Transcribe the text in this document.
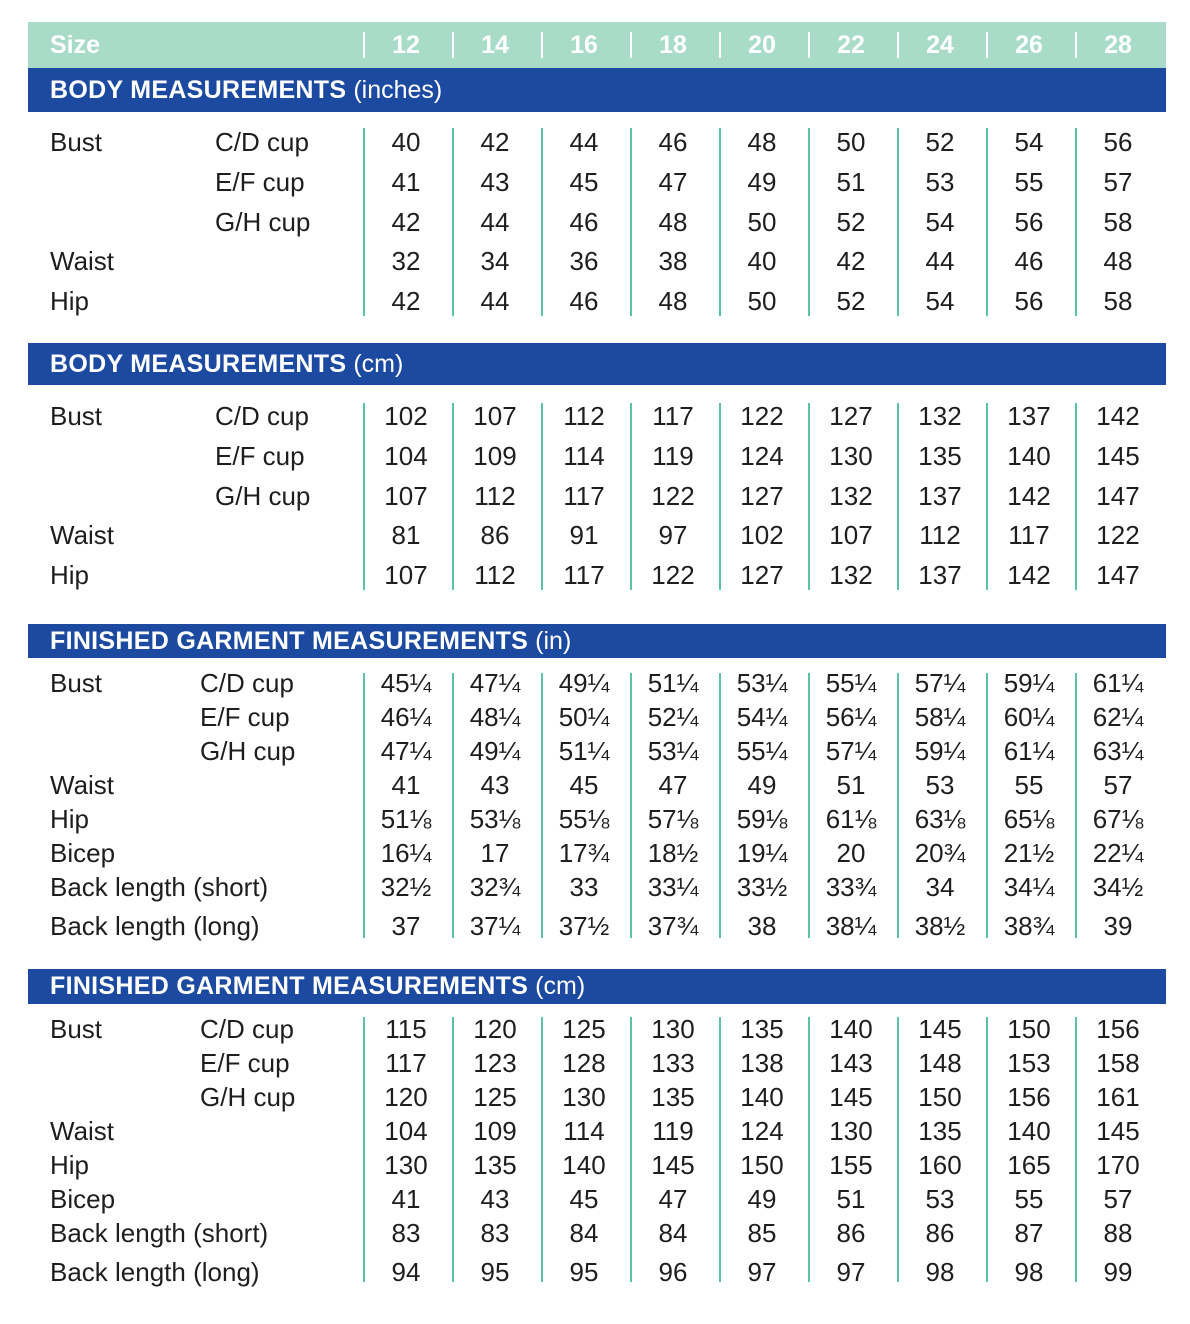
Size	12	14	16	18	20	22	24	26	28
BODY MEASUREMENTS (inches)
Bust	C/D cup	40	42	44	46	48	50	52	54	56
E/F cup	41	43	45	47	49	51	53	55	57
G/H cup	42	44	46	48	50	52	54	56	58
Waist	32	34	36	38	40	42	44	46	48
Hip	42	44	46	48	50	52	54	56	58
BODY MEASUREMENTS (cm)
Bust	C/D cup	102	107	112	117	122	127	132	137	142
E/F cup	104	109	114	119	124	130	135	140	145
G/H cup	107	112	117	122	127	132	137	142	147
Waist	81	86	91	97	102	107	112	117	122
Hip	107	112	117	122	127	132	137	142	147
FINISHED GARMENT MEASUREMENTS (in)
Bust	C/D cup	45¼	47¼	49¼	51¼	53¼	55¼	57¼	59¼	61¼
E/F cup	46¼	48¼	50¼	52¼	54¼	56¼	58¼	60¼	62¼
G/H cup	47¼	49¼	51¼	53¼	55¼	57¼	59¼	61¼	63¼
Waist	41	43	45	47	49	51	53	55	57
Hip	51⅛	53⅛	55⅛	57⅛	59⅛	61⅛	63⅛	65⅛	67⅛
Bicep	16¼	17	17¾	18½	19¼	20	20¾	21½	22¼
Back length (short)	32½	32¾	33	33¼	33½	33¾	34	34¼	34½
Back length (long)	37	37¼	37½	37¾	38	38¼	38½	38¾	39
FINISHED GARMENT MEASUREMENTS (cm)
Bust	C/D cup	115	120	125	130	135	140	145	150	156
E/F cup	117	123	128	133	138	143	148	153	158
G/H cup	120	125	130	135	140	145	150	156	161
Waist	104	109	114	119	124	130	135	140	145
Hip	130	135	140	145	150	155	160	165	170
Bicep	41	43	45	47	49	51	53	55	57
Back length (short)	83	83	84	84	85	86	86	87	88
Back length (long)	94	95	95	96	97	97	98	98	99
